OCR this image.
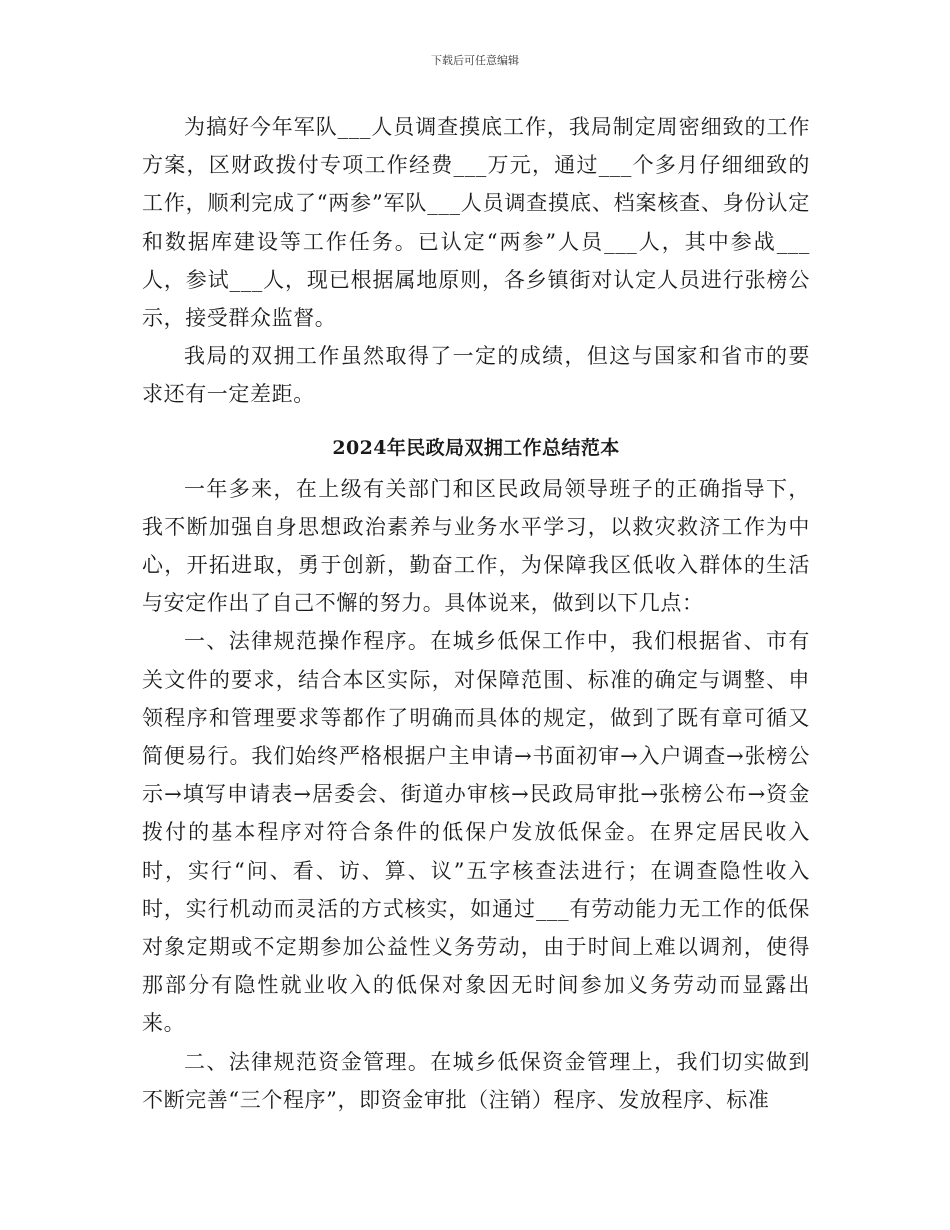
下载后可任意编辑

为搞好今年军队___人员调查摸底工作，我局制定周密细致的工作方案，区财政拨付专项工作经费___万元，通过___个多月仔细细致的工作，顺利完成了“两参”军队___人员调查摸底、档案核查、身份认定和数据库建设等工作任务。已认定“两参”人员___人，其中参战___人，参试___人，现已根据属地原则，各乡镇街对认定人员进行张榜公示，接受群众监督。

我局的双拥工作虽然取得了一定的成绩，但这与国家和省市的要求还有一定差距。

2024年民政局双拥工作总结范本

一年多来，在上级有关部门和区民政局领导班子的正确指导下，我不断加强自身思想政治素养与业务水平学习，以救灾救济工作为中心，开拓进取，勇于创新，勤奋工作，为保障我区低收入群体的生活与安定作出了自己不懈的努力。具体说来，做到以下几点：

一、法律规范操作程序。在城乡低保工作中，我们根据省、市有关文件的要求，结合本区实际，对保障范围、标准的确定与调整、申领程序和管理要求等都作了明确而具体的规定，做到了既有章可循又简便易行。我们始终严格根据户主申请→书面初审→入户调查→张榜公示→填写申请表→居委会、街道办审核→民政局审批→张榜公布→资金拨付的基本程序对符合条件的低保户发放低保金。在界定居民收入时，实行“问、看、访、算、议”五字核查法进行；在调查隐性收入时，实行机动而灵活的方式核实，如通过___有劳动能力无工作的低保对象定期或不定期参加公益性义务劳动，由于时间上难以调剂，使得那部分有隐性就业收入的低保对象因无时间参加义务劳动而显露出来。

二、法律规范资金管理。在城乡低保资金管理上，我们切实做到不断完善“三个程序”，即资金审批（注销）程序、发放程序、标准
